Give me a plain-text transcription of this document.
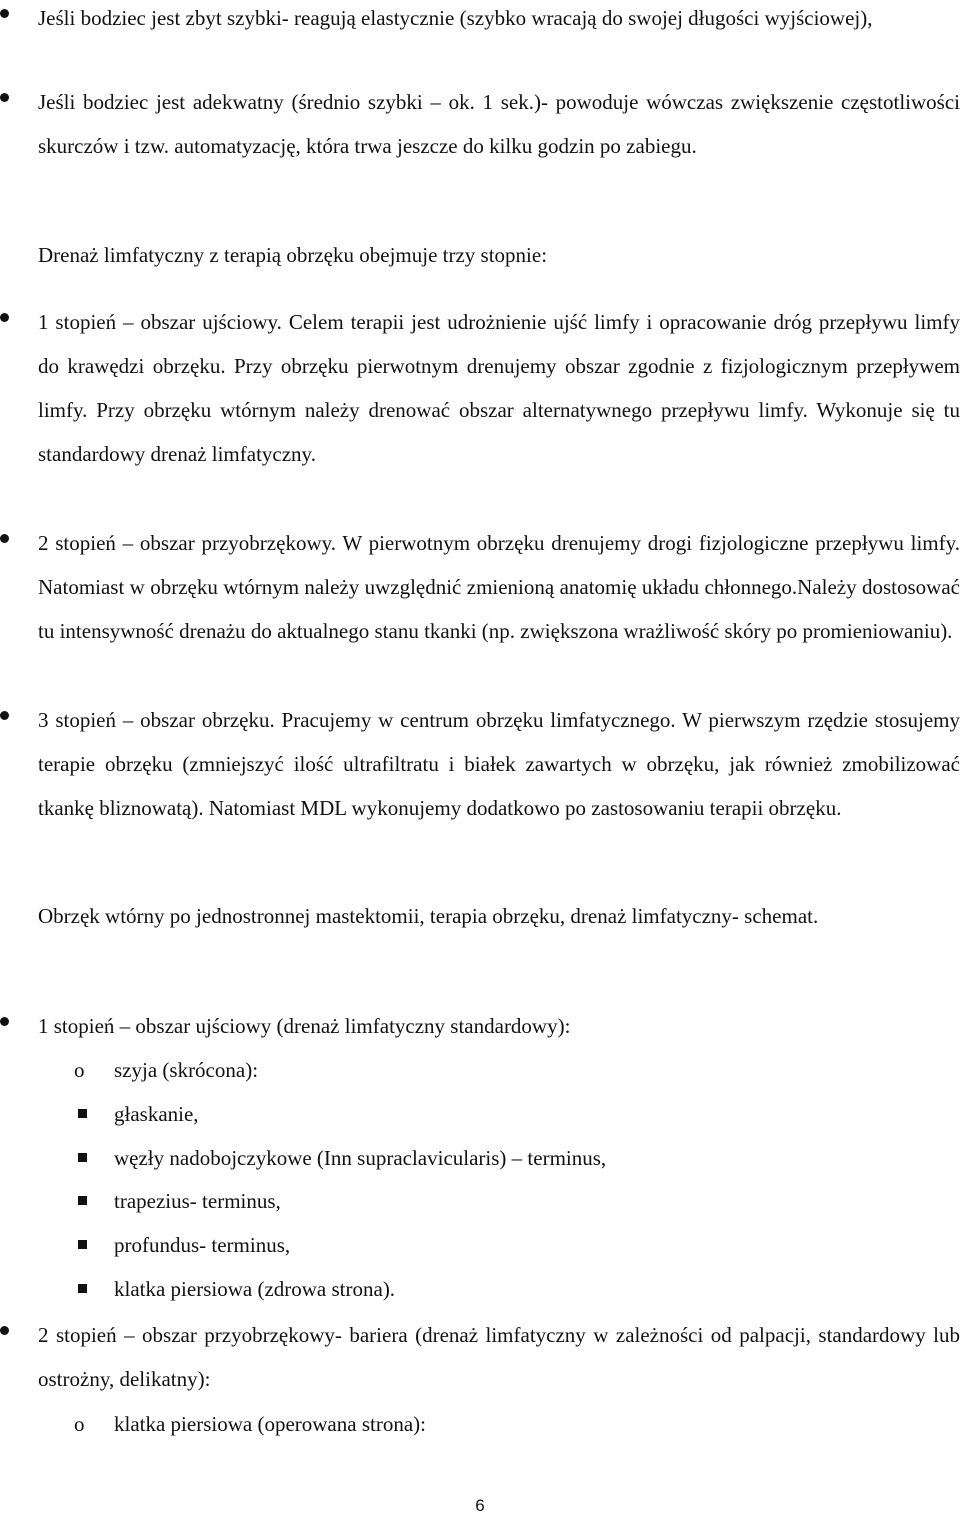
Jeśli bodziec jest zbyt szybki- reagują elastycznie (szybko wracają do swojej długości wyjściowej),
Jeśli bodziec jest adekwatny (średnio szybki – ok. 1 sek.)- powoduje wówczas zwiększenie częstotliwości skurczów i tzw. automatyzację, która trwa jeszcze do kilku godzin po zabiegu.
Drenaż limfatyczny z terapią obrzęku obejmuje trzy stopnie:
1 stopień – obszar ujściowy. Celem terapii jest udrożnienie ujść limfy i opracowanie dróg przepływu limfy do krawędzi obrzęku. Przy obrzęku pierwotnym drenujemy obszar zgodnie z fizjologicznym przepływem limfy. Przy obrzęku wtórnym należy drenować obszar alternatywnego przepływu limfy. Wykonuje się tu standardowy drenaż limfatyczny.
2 stopień – obszar przyobrzękowy. W pierwotnym obrzęku drenujemy drogi fizjologiczne przepływu limfy. Natomiast w obrzęku wtórnym należy uwzględnić zmienioną anatomię układu chłonnego.Należy dostosować tu intensywność drenażu do aktualnego stanu tkanki (np. zwiększona wrażliwość skóry po promieniowaniu).
3 stopień – obszar obrzęku. Pracujemy w centrum obrzęku limfatycznego. W pierwszym rzędzie stosujemy terapie obrzęku (zmniejszyć ilość ultrafiltratu i białek zawartych w obrzęku, jak również zmobilizować tkankę bliznowatą). Natomiast MDL wykonujemy dodatkowo po zastosowaniu terapii obrzęku.
Obrzęk wtórny po jednostronnej mastektomii, terapia obrzęku, drenaż limfatyczny- schemat.
1 stopień – obszar ujściowy (drenaż limfatyczny standardowy):
o szyja (skrócona):
głaskanie,
węzły nadobojczykowe (Inn supraclavicularis) – terminus,
trapezius- terminus,
profundus- terminus,
klatka piersiowa (zdrowa strona).
2 stopień – obszar przyobrzękowy- bariera (drenaż limfatyczny w zależności od palpacji, standardowy lub ostrożny, delikatny):
o klatka piersiowa (operowana strona):
6
